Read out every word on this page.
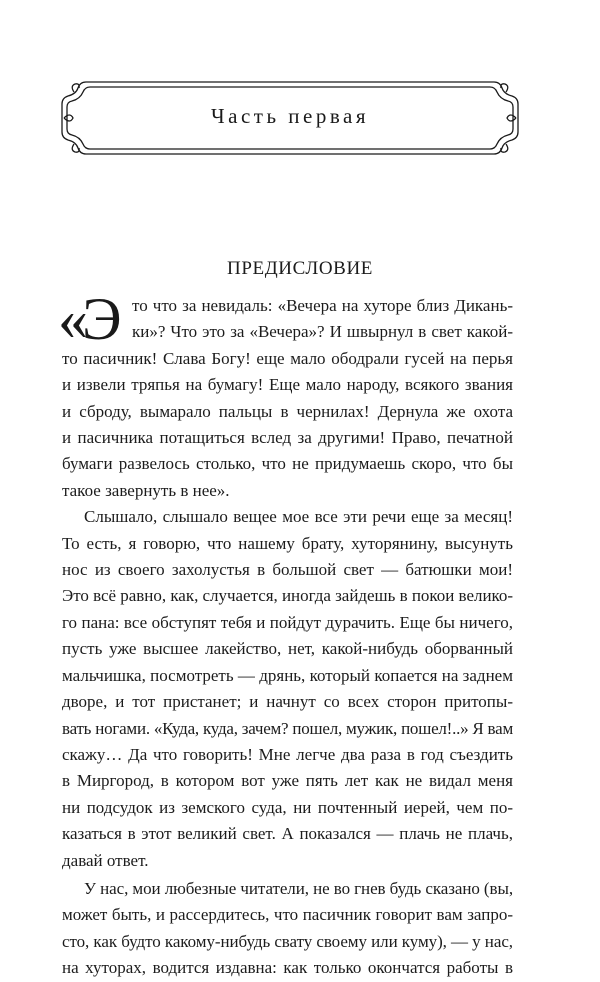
Часть первая
ПРЕДИСЛОВИЕ
«Э то что за невидаль: «Вечера на хуторе близ Дикань-
ки»? Что это за «Вечера»? И швырнул в свет какой-
то пасичник! Слава Богу! еще мало ободрали гусей на перья
и извели тряпья на бумагу! Еще мало народу, всякого звания
и сброду, вымарало пальцы в чернилах! Дернула же охота
и пасичника потащиться вслед за другими! Право, печатной
бумаги развелось столько, что не придумаешь скоро, что бы
такое завернуть в нее».
Слышало, слышало вещее мое все эти речи еще за месяц!
То есть, я говорю, что нашему брату, хуторянину, высунуть
нос из своего захолустья в большой свет — батюшки мои!
Это всё равно, как, случается, иногда зайдешь в покои велико-
го пана: все обступят тебя и пойдут дурачить. Еще бы ничего,
пусть уже высшее лакейство, нет, какой-нибудь оборванный
мальчишка, посмотреть — дрянь, который копается на заднем
дворе, и тот пристанет; и начнут со всех сторон притопы-
вать ногами. «Куда, куда, зачем? пошел, мужик, пошел!..» Я вам
скажу… Да что говорить! Мне легче два раза в год съездить
в Миргород, в котором вот уже пять лет как не видал меня
ни подсудок из земского суда, ни почтенный иерей, чем по-
казаться в этот великий свет. А показался — плачь не плачь,
давай ответ.
У нас, мои любезные читатели, не во гнев будь сказано (вы,
может быть, и рассердитесь, что пасичник говорит вам запро-
сто, как будто какому-нибудь свату своему или куму), — у нас,
на хуторах, водится издавна: как только окончатся работы в
